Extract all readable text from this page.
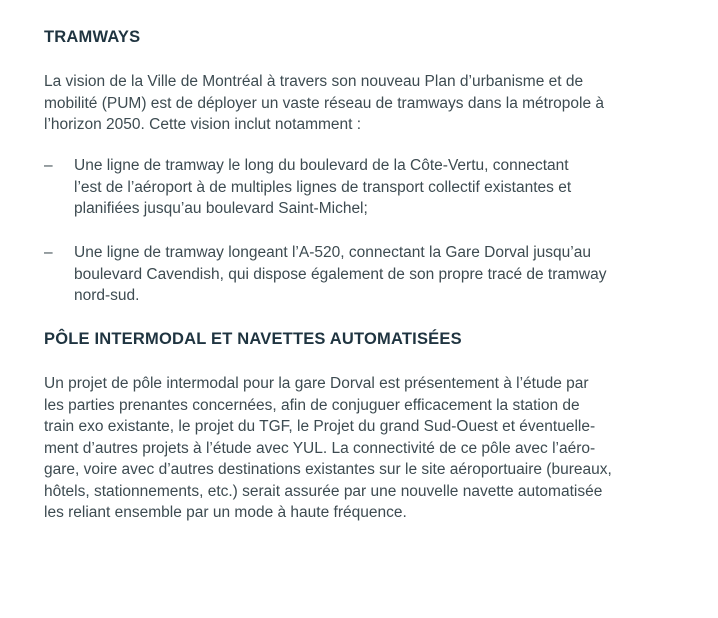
TRAMWAYS

La vision de la Ville de Montréal à travers son nouveau Plan d’urbanisme et de
mobilité (PUM) est de déployer un vaste réseau de tramways dans la métropole à
l’horizon 2050. Cette vision inclut notamment :

– Une ligne de tramway le long du boulevard de la Côte-Vertu, connectant
l’est de l’aéroport à de multiples lignes de transport collectif existantes et
planifiées jusqu’au boulevard Saint-Michel;
– Une ligne de tramway longeant l’A-520, connectant la Gare Dorval jusqu’au
boulevard Cavendish, qui dispose également de son propre tracé de tramway
nord-sud.
PÔLE INTERMODAL ET NAVETTES AUTOMATISÉES

Un projet de pôle intermodal pour la gare Dorval est présentement à l’étude par
les parties prenantes concernées, afin de conjuguer efficacement la station de
train exo existante, le projet du TGF, le Projet du grand Sud-Ouest et éventuelle-
ment d’autres projets à l’étude avec YUL. La connectivité de ce pôle avec l’aéro-
gare, voire avec d’autres destinations existantes sur le site aéroportuaire (bureaux,
hôtels, stationnements, etc.) serait assurée par une nouvelle navette automatisée
les reliant ensemble par un mode à haute fréquence.
